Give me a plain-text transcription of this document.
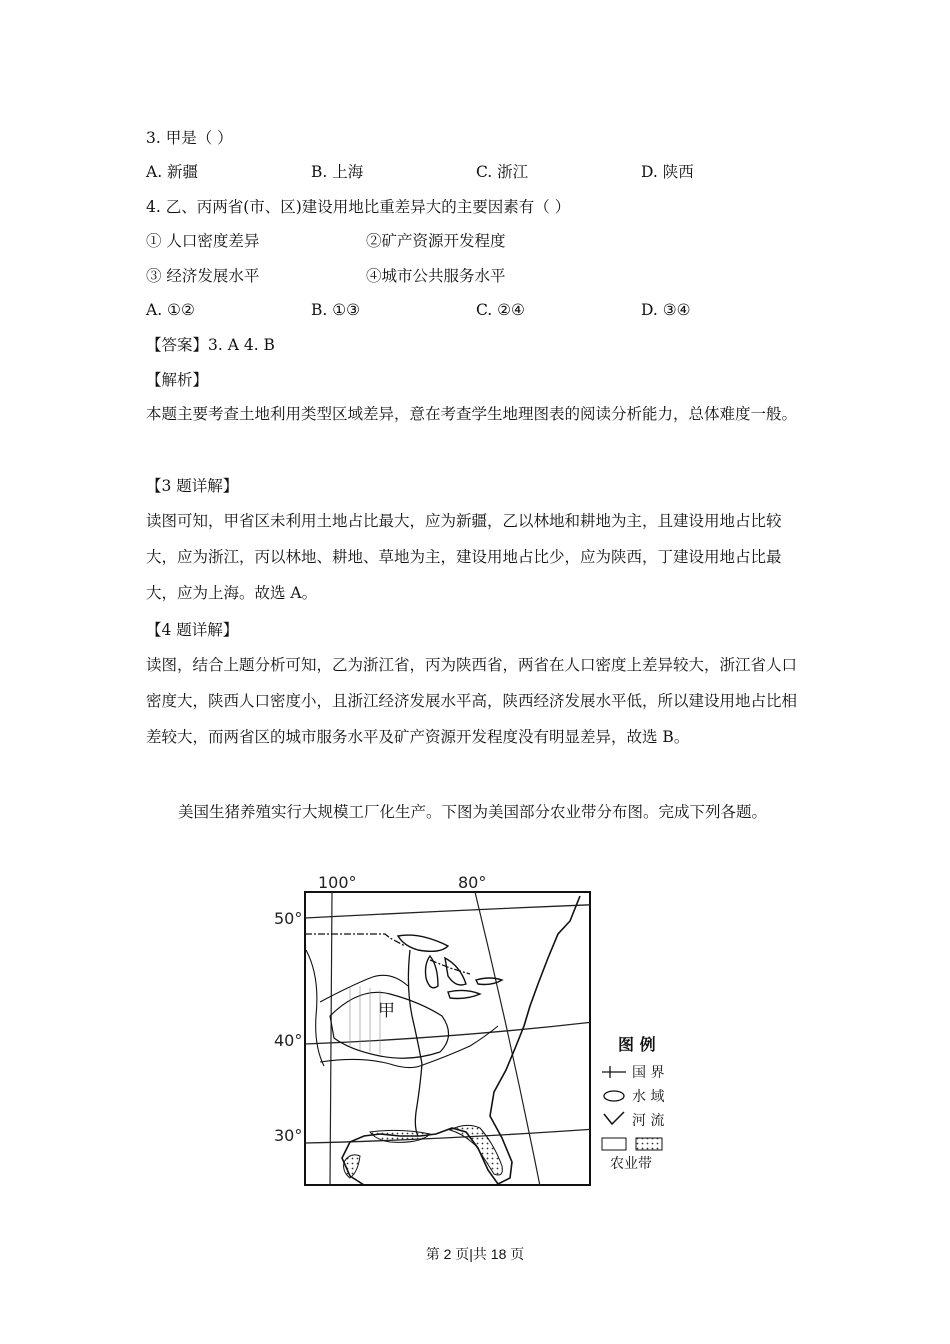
3. 甲是（ ）
A. 新疆	B. 上海	C. 浙江	D. 陕西
4. 乙、丙两省(市、区)建设用地比重差异大的主要因素有（ ）
① 人口密度差异	②矿产资源开发程度
③ 经济发展水平	④城市公共服务水平
A. ①②	B. ①③	C. ②④	D. ③④
【答案】3. A 4. B
【解析】
本题主要考查土地利用类型区域差异，意在考查学生地理图表的阅读分析能力，总体难度一般。
【3 题详解】
读图可知，甲省区未利用土地占比最大，应为新疆，乙以林地和耕地为主，且建设用地占比较大，应为浙江，丙以林地、耕地、草地为主，建设用地占比少，应为陕西，丁建设用地占比最大，应为上海。故选 A。
【4 题详解】
读图，结合上题分析可知，乙为浙江省，丙为陕西省，两省在人口密度上差异较大，浙江省人口密度大，陕西人口密度小，且浙江经济发展水平高，陕西经济发展水平低，所以建设用地占比相差较大，而两省区的城市服务水平及矿产资源开发程度没有明显差异，故选 B。
美国生猪养殖实行大规模工厂化生产。下图为美国部分农业带分布图。完成下列各题。
100°	80°
50°
40°
30°
甲
图 例
国 界
水 域
河 流
农业带
第 2 页|共 18 页
